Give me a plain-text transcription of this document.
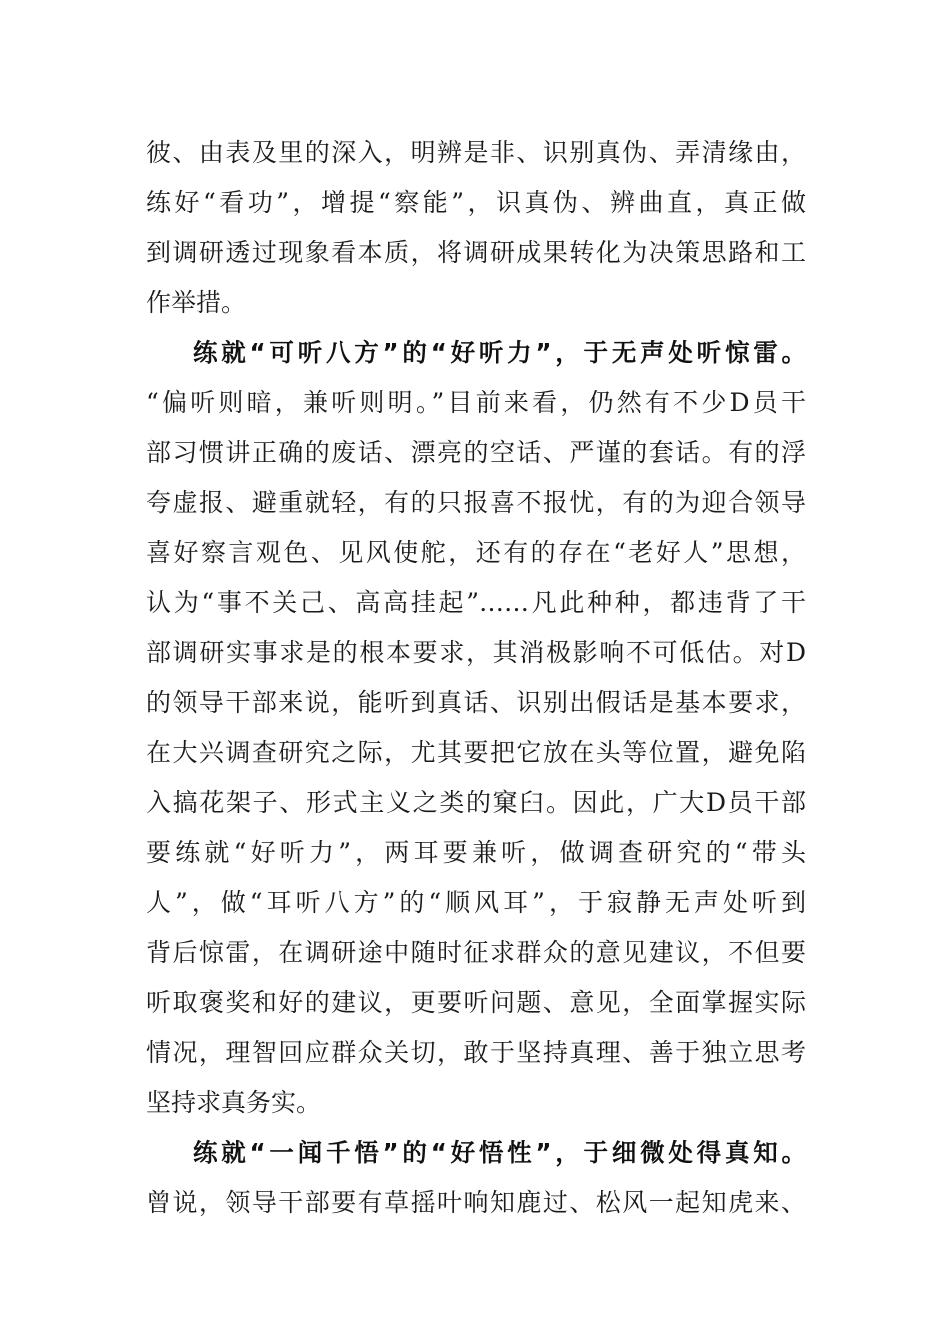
彼、由表及里的深入，明辨是非、识别真伪、弄清缘由，
练好“看功”，增提“察能”，识真伪、辨曲直，真正做
到调研透过现象看本质，将调研成果转化为决策思路和工
作举措。
练就“可听八方”的“好听力”，于无声处听惊雷。
“偏听则暗，兼听则明。”目前来看，仍然有不少D员干
部习惯讲正确的废话、漂亮的空话、严谨的套话。有的浮
夸虚报、避重就轻，有的只报喜不报忧，有的为迎合领导
喜好察言观色、见风使舵，还有的存在“老好人”思想，
认为“事不关己、高高挂起”……凡此种种，都违背了干
部调研实事求是的根本要求，其消极影响不可低估。对D
的领导干部来说，能听到真话、识别出假话是基本要求，
在大兴调查研究之际，尤其要把它放在头等位置，避免陷
入搞花架子、形式主义之类的窠臼。因此，广大D员干部
要练就“好听力”，两耳要兼听，做调查研究的“带头
人”，做“耳听八方”的“顺风耳”，于寂静无声处听到
背后惊雷，在调研途中随时征求群众的意见建议，不但要
听取褒奖和好的建议，更要听问题、意见，全面掌握实际
情况，理智回应群众关切，敢于坚持真理、善于独立思考
坚持求真务实。
练就“一闻千悟”的“好悟性”，于细微处得真知。
曾说，领导干部要有草摇叶响知鹿过、松风一起知虎来、
